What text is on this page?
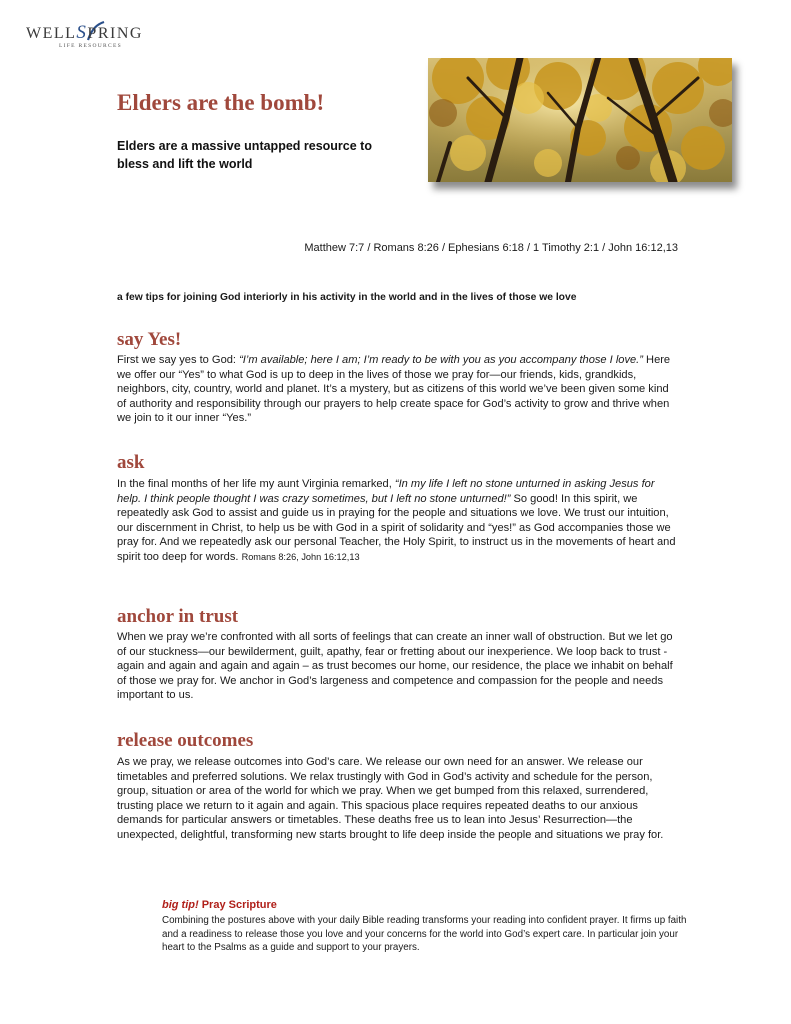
WELLSPRING
LIFE RESOURCES
Elders are the bomb!

Elders are a massive untapped resource to bless and lift the world

Matthew 7:7 / Romans 8:26 / Ephesians 6:18 / 1 Timothy 2:1 / John 16:12,13
a few tips for joining God interiorly in his activity in the world and in the lives of those we love
say Yes!

First we say yes to God: “I’m available; here I am; I’m ready to be with you as you accompany those I love.” Here we offer our “Yes” to what God is up to deep in the lives of those we pray for—our friends, kids, grandkids, neighbors, city, country, world and planet. It’s a mystery, but as citizens of this world we’ve been given some kind of authority and responsibility through our prayers to help create space for God’s activity to grow and thrive when we join to it our inner “Yes.”

ask

In the final months of her life my aunt Virginia remarked, “In my life I left no stone unturned in asking Jesus for help. I think people thought I was crazy sometimes, but I left no stone unturned!” So good! In this spirit, we repeatedly ask God to assist and guide us in praying for the people and situations we love. We trust our intuition, our discernment in Christ, to help us be with God in a spirit of solidarity and “yes!” as God accompanies those we pray for. And we repeatedly ask our personal Teacher, the Holy Spirit, to instruct us in the movements of heart and spirit too deep for words. Romans 8:26, John 16:12,13

anchor in trust

When we pray we’re confronted with all sorts of feelings that can create an inner wall of obstruction. But we let go of our stuckness—our bewilderment, guilt, apathy, fear or fretting about our inexperience. We loop back to trust - again and again and again and again – as trust becomes our home, our residence, the place we inhabit on behalf of those we pray for. We anchor in God’s largeness and competence and compassion for the people and needs important to us.

release outcomes

As we pray, we release outcomes into God’s care. We release our own need for an answer. We release our timetables and preferred solutions. We relax trustingly with God in God’s activity and schedule for the person, group, situation or area of the world for which we pray. When we get bumped from this relaxed, surrendered, trusting place we return to it again and again. This spacious place requires repeated deaths to our anxious demands for particular answers or timetables. These deaths free us to lean into Jesus’ Resurrection—the unexpected, delightful, transforming new starts brought to life deep inside the people and situations we pray for.

big tip! Pray Scripture

Combining the postures above with your daily Bible reading transforms your reading into confident prayer. It firms up faith and a readiness to release those you love and your concerns for the world into God’s expert care. In particular join your heart to the Psalms as a guide and support to your prayers.
